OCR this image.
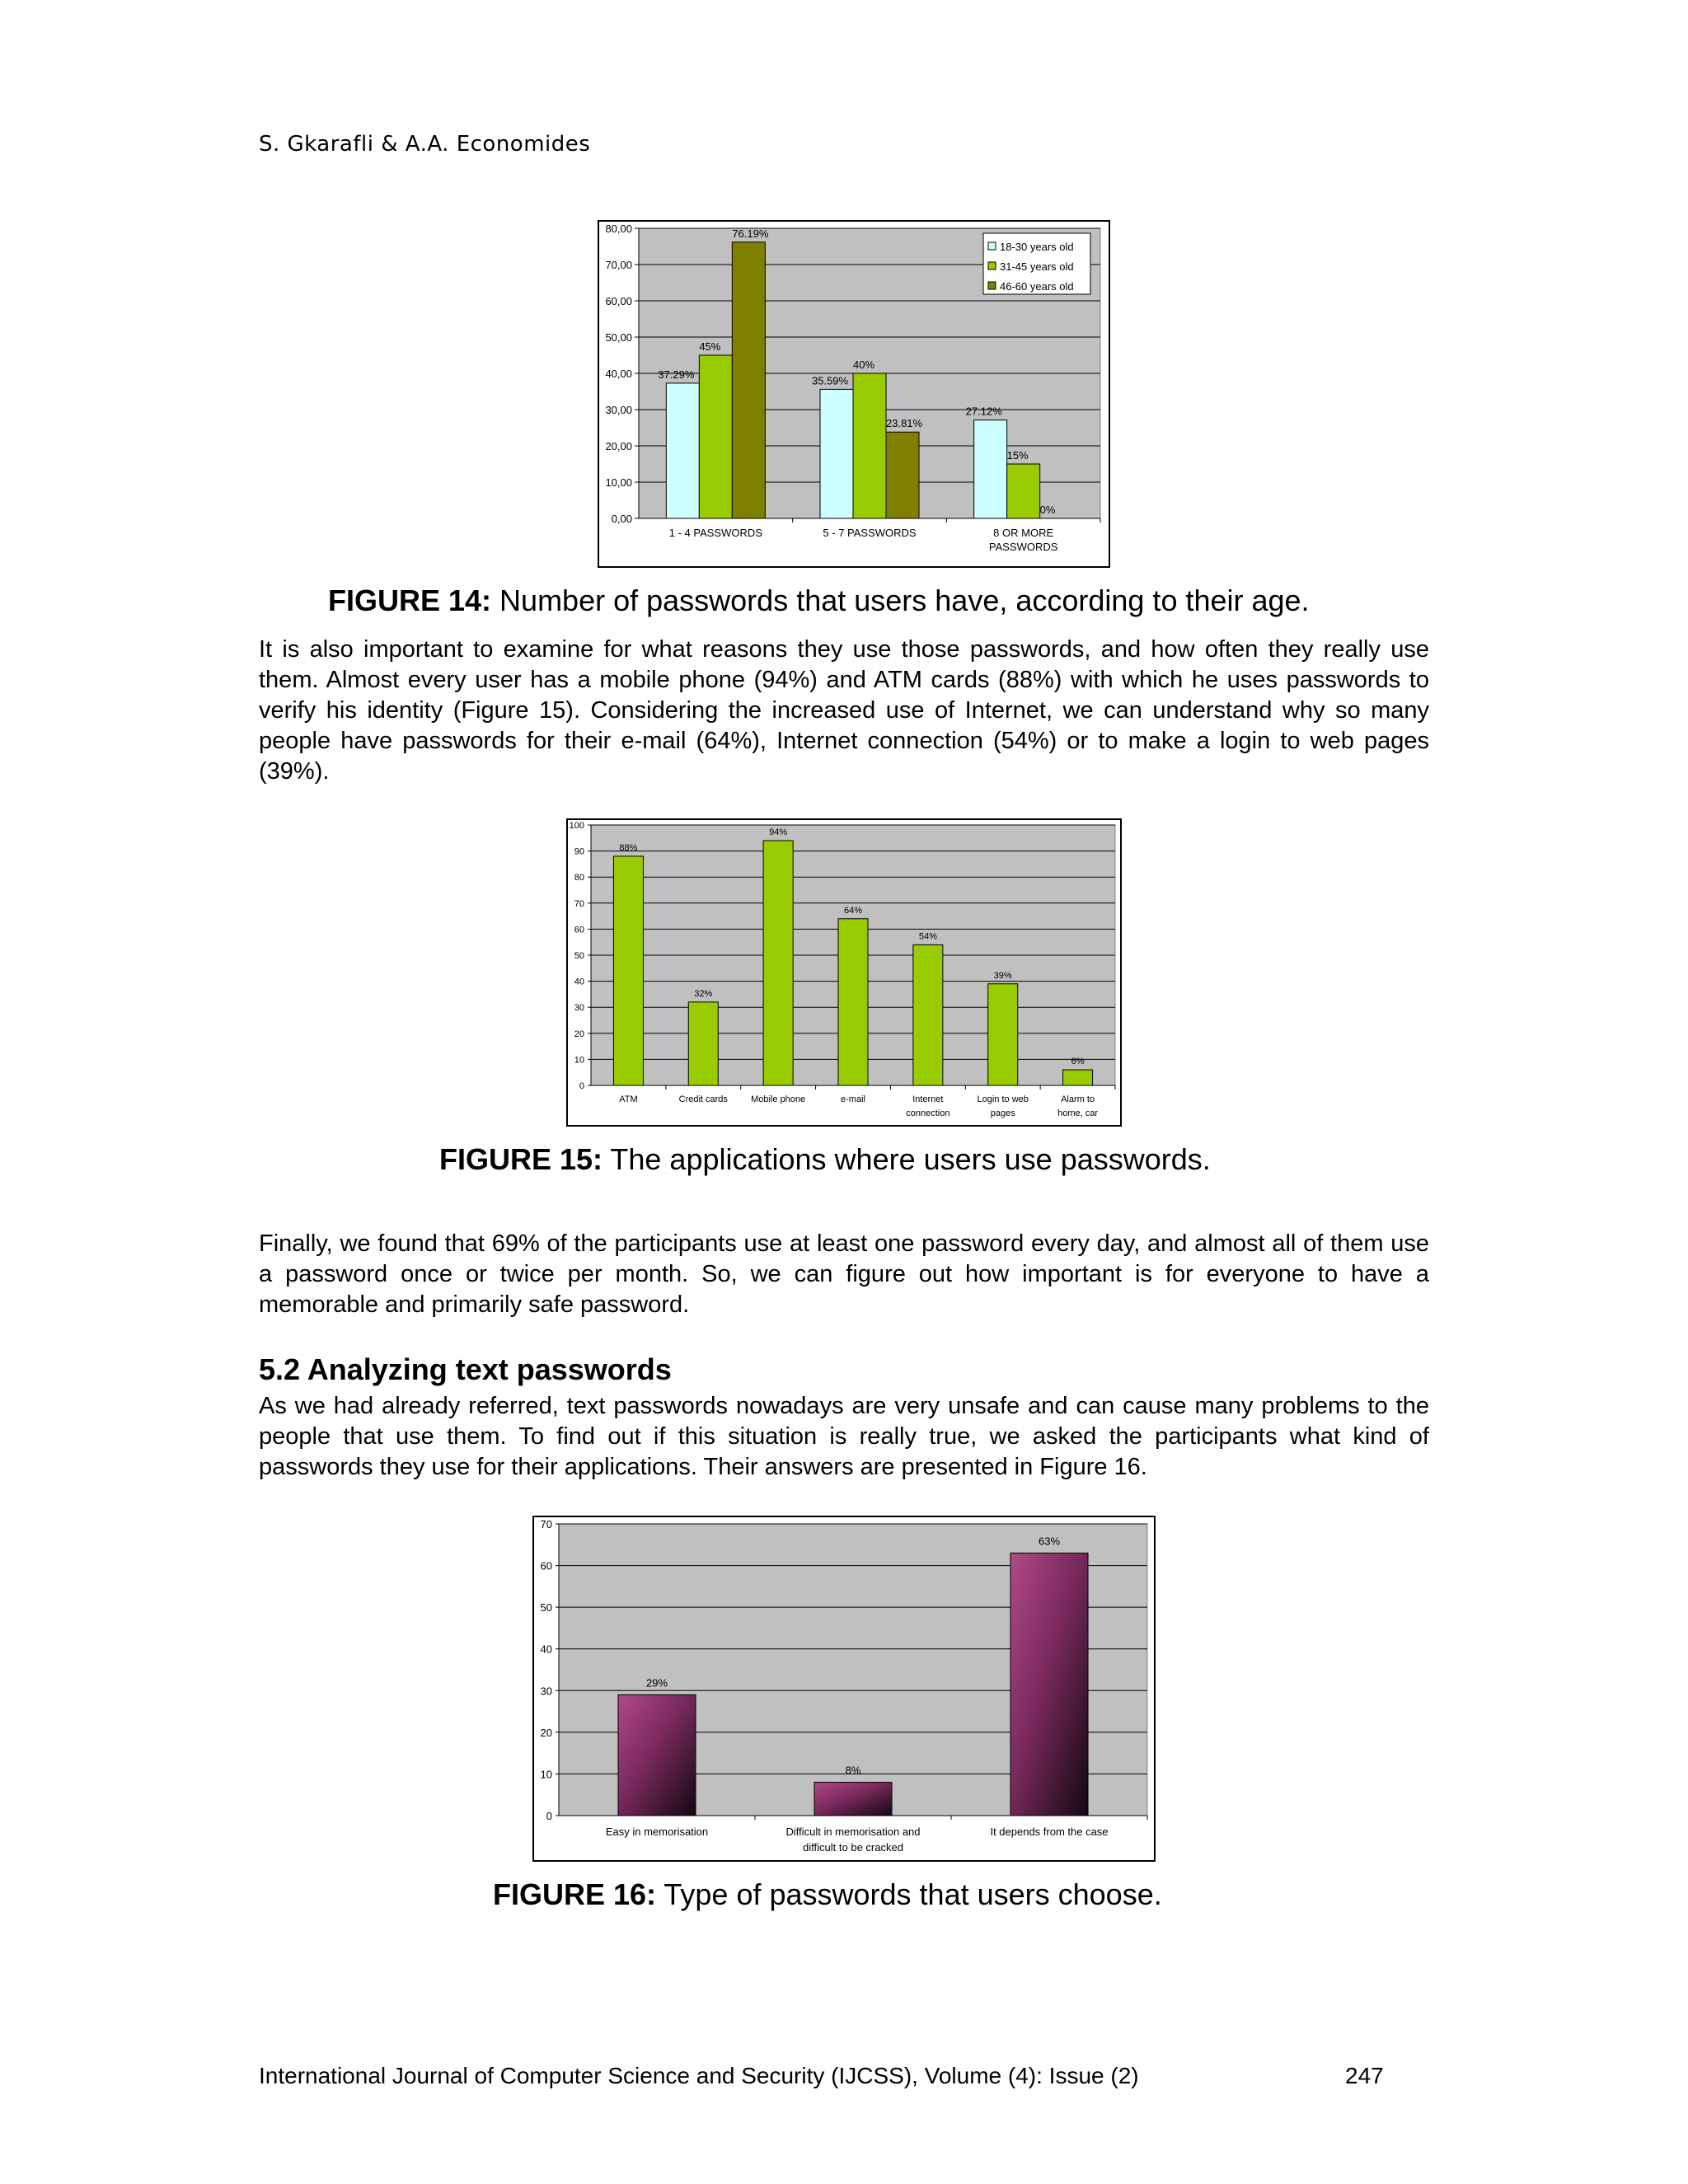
S. Gkarafli & A.A. Economides
0,00
10,00
20,00
30,00
40,00
50,00
60,00
70,00
80,00
37.29%
45%
76.19%
1 - 4 PASSWORDS
35.59%
40%
23.81%
5 - 7 PASSWORDS
27.12%
15%
0%
8 OR MORE PASSWORDS
18-30 years old
31-45 years old
46-60 years old
FIGURE 14: Number of passwords that users have, according to their age.

It is also important to examine for what reasons they use those passwords, and how often they really use them. Almost every user has a mobile phone (94%) and ATM cards (88%) with which he uses passwords to verify his identity (Figure 15). Considering the increased use of Internet, we can understand why so many people have passwords for their e-mail (64%), Internet connection (54%) or to make a login to web pages (39%).

0
10
20
30
40
50
60
70
80
90
100
88%
ATM
32%
Credit cards
94%
Mobile phone
64%
e-mail
54%
Internet connection
39%
Login to web pages
6%
Alarm to home, car
FIGURE 15: The applications where users use passwords.

Finally, we found that 69% of the participants use at least one password every day, and almost all of them use a password once or twice per month. So, we can figure out how important is for everyone to have a memorable and primarily safe password.

5.2 Analyzing text passwords

As we had already referred, text passwords nowadays are very unsafe and can cause many problems to the people that use them. To find out if this situation is really true, we asked the participants what kind of passwords they use for their applications. Their answers are presented in Figure 16.

0
10
20
30
40
50
60
70
29%
Easy in memorisation
8%
Difficult in memorisation and difficult to be cracked
63%
It depends from the case
FIGURE 16: Type of passwords that users choose.
International Journal of Computer Science and Security (IJCSS), Volume (4): Issue (2)	247
